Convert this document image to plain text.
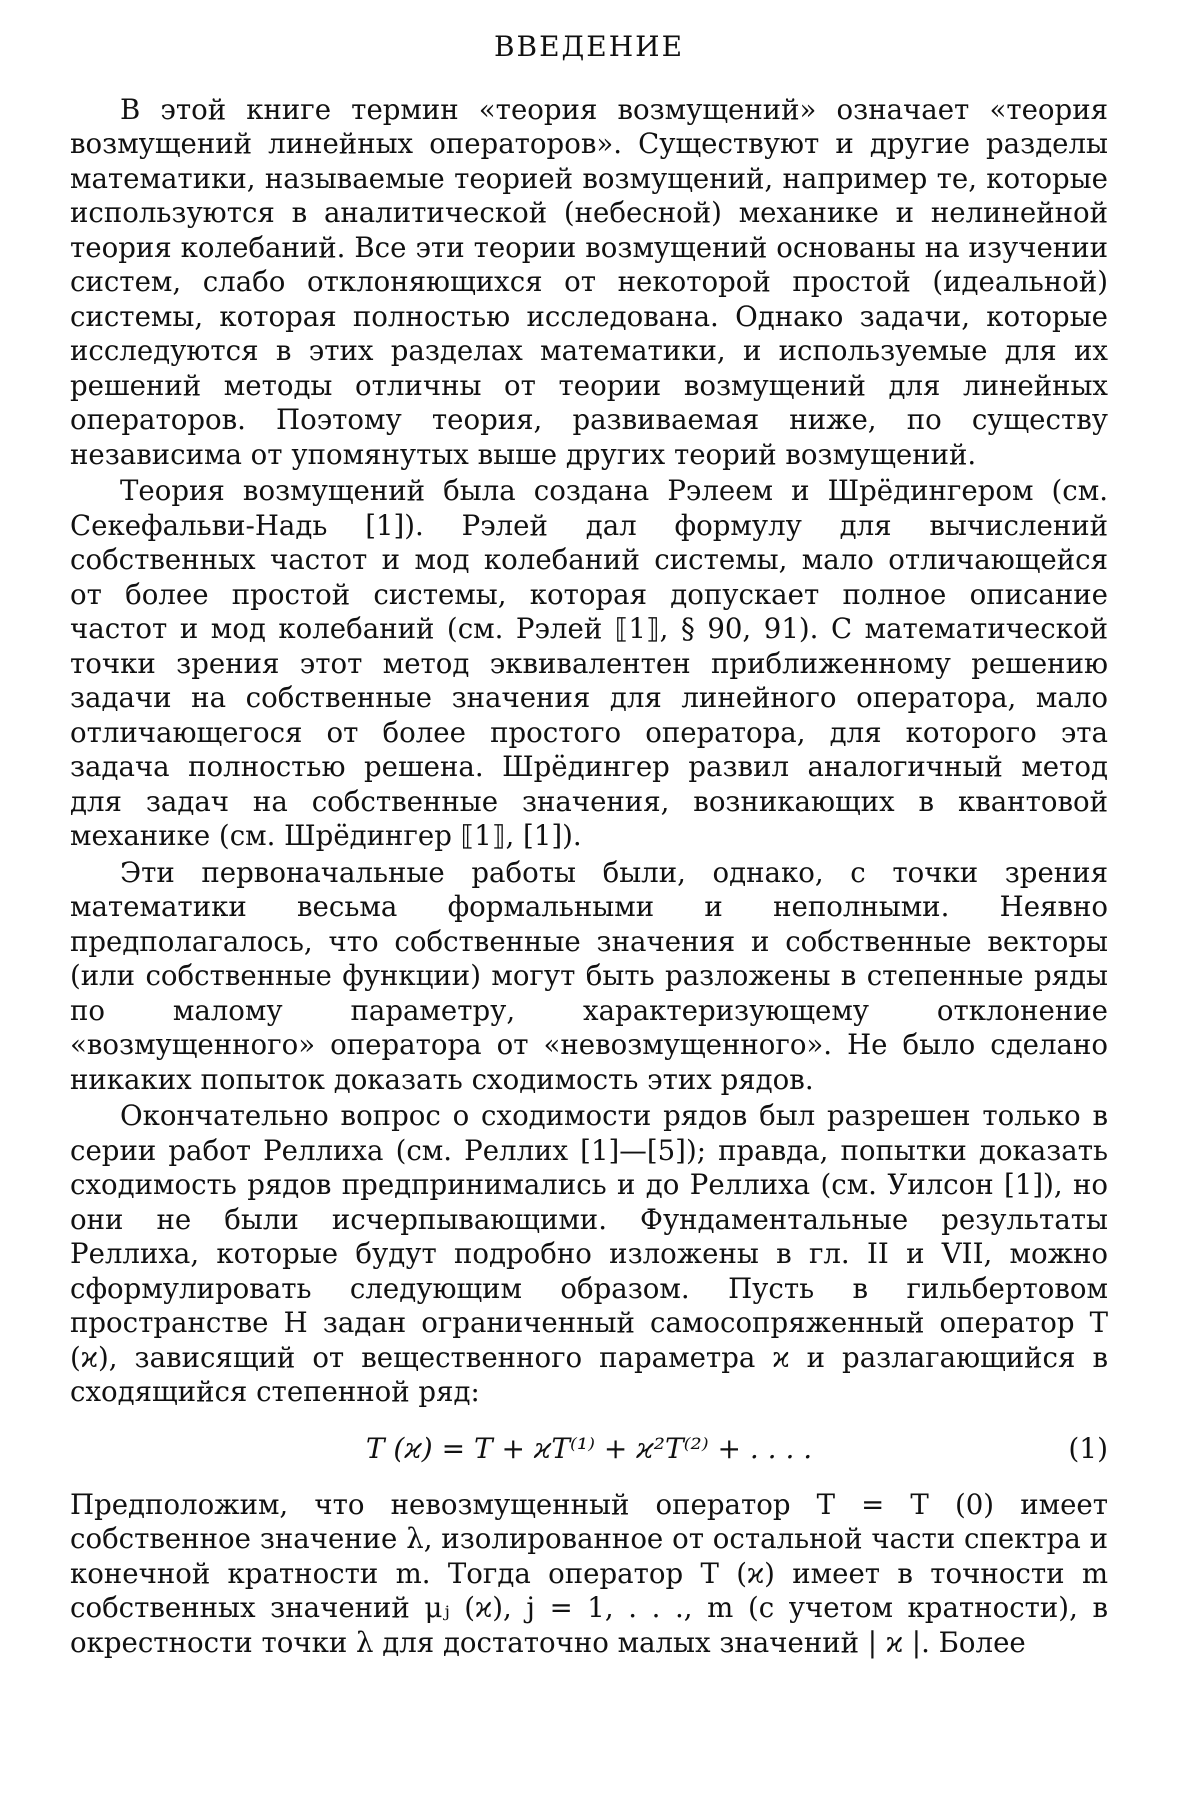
ВВЕДЕНИЕ

В этой книге термин «теория возмущений» означает «теория возмущений линейных операторов». Существуют и другие разделы математики, называемые теорией возмущений, например те, которые используются в аналитической (небесной) механике и нелинейной теория колебаний. Все эти теории возмущений основаны на изучении систем, слабо отклоняющихся от некоторой простой (идеальной) системы, которая полностью исследована. Однако задачи, которые исследуются в этих разделах математики, и используемые для их решений методы отличны от теории возмущений для линейных операторов. Поэтому теория, развиваемая ниже, по существу независима от упомянутых выше других теорий возмущений.

Теория возмущений была создана Рэлеем и Шрёдингером (см. Секефальви-Надь [1]). Рэлей дал формулу для вычислений собственных частот и мод колебаний системы, мало отличающейся от более простой системы, которая допускает полное описание частот и мод колебаний (см. Рэлей ⟦1⟧, § 90, 91). С математической точки зрения этот метод эквивалентен приближенному решению задачи на собственные значения для линейного оператора, мало отличающегося от более простого оператора, для которого эта задача полностью решена. Шрёдингер развил аналогичный метод для задач на собственные значения, возникающих в квантовой механике (см. Шрёдингер ⟦1⟧, [1]).

Эти первоначальные работы были, однако, с точки зрения математики весьма формальными и неполными. Неявно предполагалось, что собственные значения и собственные векторы (или собственные функции) могут быть разложены в степенные ряды по малому параметру, характеризующему отклонение «возмущенного» оператора от «невозмущенного». Не было сделано никаких попыток доказать сходимость этих рядов.

Окончательно вопрос о сходимости рядов был разрешен только в серии работ Реллиха (см. Реллих [1]—[5]); правда, попытки доказать сходимость рядов предпринимались и до Реллиха (см. Уилсон [1]), но они не были исчерпывающими. Фундаментальные результаты Реллиха, которые будут подробно изложены в гл. II и VII, можно сформулировать следующим образом. Пусть в гильбертовом пространстве H задан ограниченный самосопряженный оператор T (ϰ), зависящий от вещественного параметра ϰ и разлагающийся в сходящийся степенной ряд:

T (ϰ) = T + ϰT⁽¹⁾ + ϰ²T⁽²⁾ + . . . .	(1)

Предположим, что невозмущенный оператор T = T (0) имеет собственное значение λ, изолированное от остальной части спектра и конечной кратности m. Тогда оператор T (ϰ) имеет в точности m собственных значений μⱼ (ϰ), j = 1, . . ., m (с учетом кратности), в окрестности точки λ для достаточно малых значений | ϰ |. Более
